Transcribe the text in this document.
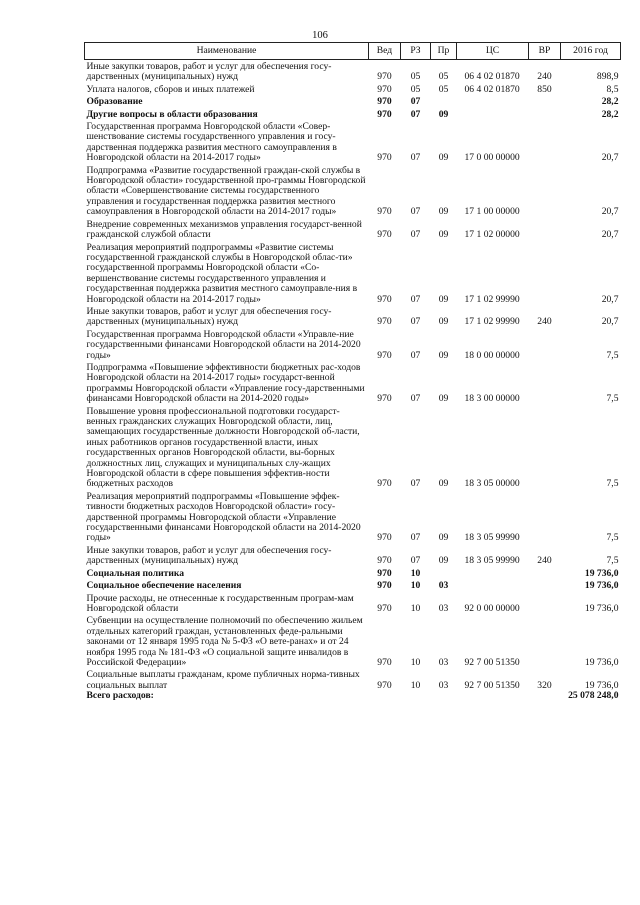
106
Наименование	Вед	РЗ	Пр	ЦС	ВР	2016 год
Иные закупки товаров, работ и услуг для обеспечения госу-дарственных (муниципальных) нужд	970	05	05	06 4 02 01870	240	898,9
Уплата налогов, сборов и иных платежей	970	05	05	06 4 02 01870	850	8,5
Образование	970	07				28,2
Другие вопросы в области образования	970	07	09			28,2
Государственная программа Новгородской области «Совер-шенствование системы государственного управления и госу-дарственная поддержка развития местного самоуправления в Новгородской области на 2014-2017 годы»	970	07	09	17 0 00 00000		20,7
Подпрограмма «Развитие государственной граждан-ской службы в Новгородской области» государственной про-граммы Новгородской области «Совершенствование системы государственного управления и государственная поддержка развития местного самоуправления в Новгородской области на 2014-2017 годы»	970	07	09	17 1 00 00000		20,7
Внедрение современных механизмов управления государст-венной гражданской службой области	970	07	09	17 1 02 00000		20,7
Реализация мероприятий подпрограммы «Развитие системы государственной гражданской службы в Новгородской облас-ти» государственной программы Новгородской области «Со-вершенствование системы государственного управления и государственная поддержка развития местного самоуправле-ния в Новгородской области на 2014-2017 годы»	970	07	09	17 1 02 99990		20,7
Иные закупки товаров, работ и услуг для обеспечения госу-дарственных (муниципальных) нужд	970	07	09	17 1 02 99990	240	20,7
Государственная программа Новгородской области «Управле-ние государственными финансами Новгородской области на 2014-2020 годы»	970	07	09	18 0 00 00000		7,5
Подпрограмма «Повышение эффективности бюджетных рас-ходов Новгородской области на 2014-2017 годы» государст-венной программы Новгородской области «Управление госу-дарственными финансами Новгородской области на 2014-2020 годы»	970	07	09	18 3 00 00000		7,5
Повышение уровня профессиональной подготовки государст-венных гражданских служащих Новгородской области, лиц, замещающих государственные должности Новгородской об-ласти, иных работников органов государственной власти, иных государственных органов Новгородской области, вы-борных должностных лиц, служащих и муниципальных слу-жащих Новгородской области в сфере повышения эффектив-ности бюджетных расходов	970	07	09	18 3 05 00000		7,5
Реализация мероприятий подпрограммы «Повышение эффек-тивности бюджетных расходов Новгородской области» госу-дарственной программы Новгородской области «Управление государственными финансами Новгородской области на 2014-2020 годы»	970	07	09	18 3 05 99990		7,5
Иные закупки товаров, работ и услуг для обеспечения госу-дарственных (муниципальных) нужд	970	07	09	18 3 05 99990	240	7,5
Социальная политика	970	10				19 736,0
Социальное обеспечение населения	970	10	03			19 736,0
Прочие расходы, не отнесенные к государственным програм-мам Новгородской области	970	10	03	92 0 00 00000		19 736,0
Субвенции на осуществление полномочий по обеспечению жильем отдельных категорий граждан, установленных феде-ральными законами от 12 января 1995 года № 5-ФЗ «О вете-ранах» и от 24 ноября 1995 года № 181-ФЗ «О социальной защите инвалидов в Российской Федерации»	970	10	03	92 7 00 51350		19 736,0
Социальные выплаты гражданам, кроме публичных норма-тивных социальных выплат	970	10	03	92 7 00 51350	320	19 736,0
Всего расходов:						25 078 248,0
